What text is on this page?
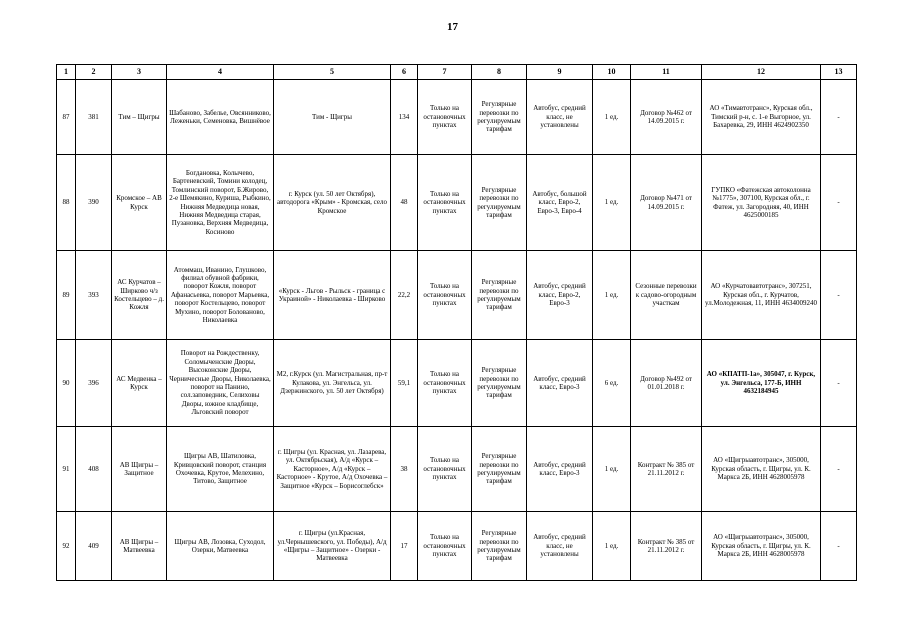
17
1	2	3	4	5	6	7	8	9	10	11	12	13
87	381	Тим – Щигры	Шабаново, Забелье, Овсянниково, Леженьки, Семеновка, Вишнёвое	Тим - Щигры	134	Только на остановочных пунктах	Регулярные перевозки по регулируемым тарифам	Автобус, средний класс, не установлены	1 ед.	Договор №462 от 14.09.2015 г.	АО «Тимавтотранс», Курская обл., Тимский р-н, с. 1-е Выгорное, ул. Бахаревка, 29, ИНН 4624902350	-
88	390	Кромское – АВ Курск	Богдановка, Колычево, Бартеневский, Томини колодец, Томлинский поворот, Б.Жирово, 2-е Шемякино, Куриша, Рыбкино, Нижняя Медведица новая, Нижняя Медведица старая, Пузановка, Верхняя Медведица, Косиново	г. Курск (ул. 50 лет Октября), автодорога «Крым» - Кромская, село Кромское	48	Только на остановочных пунктах	Регулярные перевозки по регулируемым тарифам	Автобус, большой класс, Евро-2, Евро-3, Евро-4	1 ед.	Договор №471 от 14.09.2015 г.	ГУПКО «Фатежская автоколонна №1775», 307100, Курская обл., г. Фатеж, ул. Загородняя, 40, ИНН 4625000185	-
89	393	АС Курчатов – Ширково ч/з Костельцево – д. Кожля	Атоммаш, Иванино, Глушково, филиал обувной фабрики, поворот Кожля, поворот Афанасьевка, поворот Марьевка, поворот Костельцево, поворот Мухино, поворот Болованово, Николаевка	«Курск - Льгов - Рыльск - граница с Украиной» - Николаевка - Ширково	22,2	Только на остановочных пунктах	Регулярные перевозки по регулируемым тарифам	Автобус, средний класс, Евро-2, Евро-3	1 ед.	Сезонные перевозки к садово-огородным участкам	АО «Курчатовавтотранс», 307251, Курская обл., г. Курчатов, ул.Молодежная, 11, ИНН 4634009240	-
90	396	АС Медвенка – Курск	Поворот на Рождественку, Соломыченские Дворы, Высоконские Дворы, Черничесные Дворы, Николаевка, поворот на Панино, сол.заповедник, Селиховы Дворы, южное кладбище, Льговский поворот	М2, г.Курск (ул. Магистральная, пр-т Кулакова, ул. Энгельса, ул. Дзержинского, ул. 50 лет Октября)	59,1	Только на остановочных пунктах	Регулярные перевозки по регулируемым тарифам	Автобус, средний класс, Евро-3	6 ед.	Договор №492 от 01.01.2018 г.	АО «КПАТП-1а», 305047, г. Курск, ул. Энгельса, 177-Б, ИНН 4632184945	-
91	408	АВ Щигры – Защитное	Щигры АВ, Шатиловка, Кривцовский поворот, станция Охочевка, Крутое, Мелехино, Титово, Защитное	г. Щигры (ул. Красная, ул. Лазарева, ул. Октябрьская), А/д «Курск – Касторное», А/д «Курск – Касторное» - Крутое, А/д Охочевка – Защитное «Курск – Борисоглебск»	38	Только на остановочных пунктах	Регулярные перевозки по регулируемым тарифам	Автобус, средний класс, Евро-3	1 ед.	Контракт № 385 от 21.11.2012 г.	АО «Щигрыавтотранс», 305000, Курская область, г. Щигры, ул. К. Маркса 2Б, ИНН 4628005978	-
92	409	АВ Щигры – Матвеевка	Щигры АВ, Лозовка, Суходол, Озерки, Матвеевка	г. Щигры (ул.Красная, ул.Чернышевского, ул. Победы), А/д «Щигры – Защитное» - Озерки - Матвеевка	17	Только на остановочных пунктах	Регулярные перевозки по регулируемым тарифам	Автобус, средний класс, не установлены	1 ед.	Контракт № 385 от 21.11.2012 г.	АО «Щигрыавтотранс», 305000, Курская область, г. Щигры, ул. К. Маркса 2Б, ИНН 4628005978	-
